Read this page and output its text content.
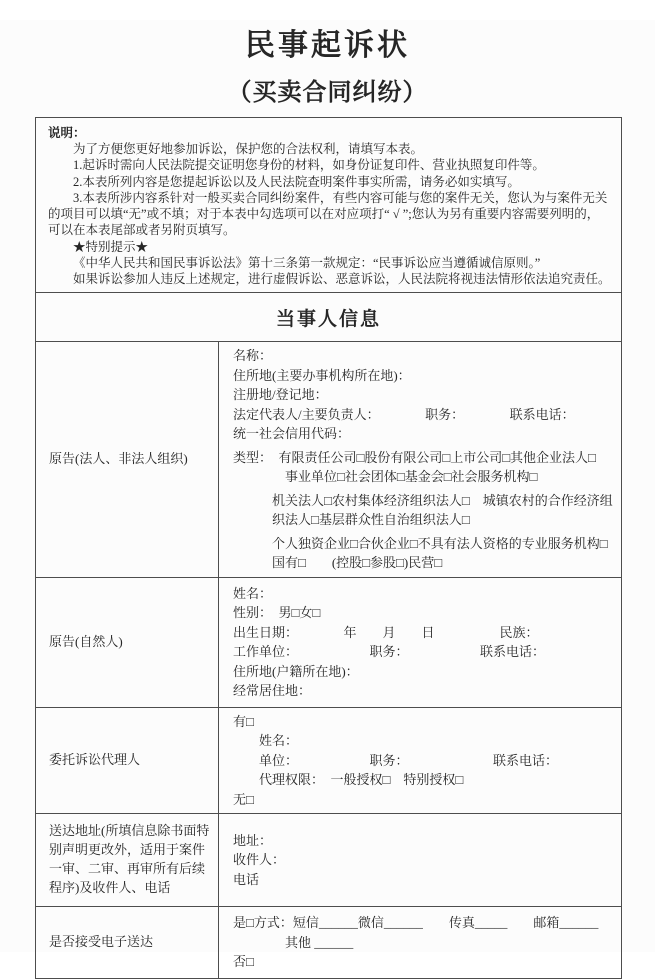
民事起诉状
（买卖合同纠纷）

说明：

为了方便您更好地参加诉讼，保护您的合法权利，请填写本表。

1.起诉时需向人民法院提交证明您身份的材料，如身份证复印件、营业执照复印件等。

2.本表所列内容是您提起诉讼以及人民法院查明案件事实所需，请务必如实填写。

3.本表所涉内容系针对一般买卖合同纠纷案件，有些内容可能与您的案件无关，您认为与案件无关的项目可以填“无”或不填；对于本表中勾选项可以在对应项打“ √ ”;您认为另有重要内容需要列明的，可以在本表尾部或者另附页填写。

★特别提示★

《中华人民共和国民事诉讼法》第十三条第一款规定：“民事诉讼应当遵循诚信原则。”

如果诉讼参加人违反上述规定，进行虚假诉讼、恶意诉讼，人民法院将视违法情形依法追究责任。

当事人信息	
原告(法人、非法人组织)	

名称：

住所地(主要办事机构所在地)：

注册地/登记地：

法定代表人/主要负责人：　　　　职务：　　　　联系电话：

统一社会信用代码：

类型：　有限责任公司□股份有限公司□上市公司□其他企业法人□

事业单位□社会团体□基金会□社会服务机构□

机关法人□农村集体经济组织法人□　城镇农村的合作经济组织法人□基层群众性自治组织法人□

个人独资企业□合伙企业□不具有法人资格的专业服务机构□

国有□　　(控股□参股□)民营□

原告(自然人)	

姓名：

性别：　男□女□

出生日期：　　　　年　　月　　日　　　　　民族：

工作单位：　　　　　　职务：　　　　　　联系电话：

住所地(户籍所在地)：

经常居住地：

委托诉讼代理人	有□

姓名：

单位：　　　　　　职务：　　　　　　　联系电话：

代理权限：　一般授权□　特别授权□

无□

送达地址(所填信息除书面特别声明更改外，适用于案件一审、二审、再审所有后续程序)及收件人、电话	地址：

收件人：

电话

是否接受电子送达	是□方式：短信______微信______　　传真_____　　邮箱______

其他 ______

否□
